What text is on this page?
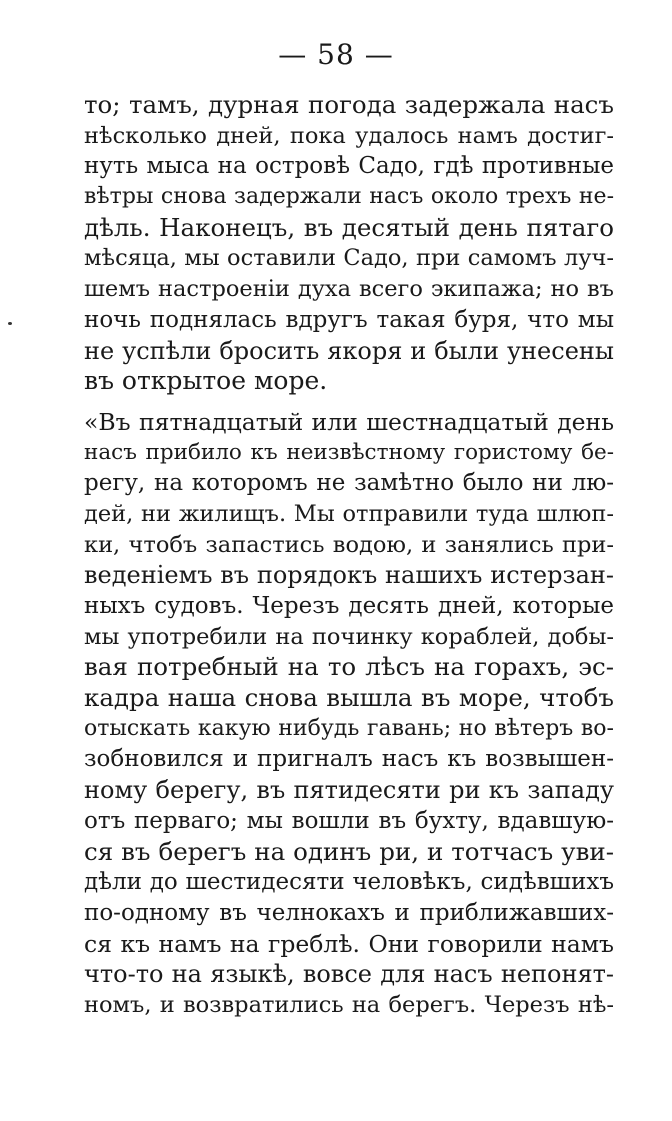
— 58 —
то; тамъ, дурная погода задержала насъ
нѣсколько дней, пока удалось намъ достиг-
нуть мыса на островѣ Садо, гдѣ противные
вѣтры снова задержали насъ около трехъ не-
дѣль. Наконецъ, въ десятый день пятаго
мѣсяца, мы оставили Садо, при самомъ луч-
шемъ настроеніи духа всего экипажа; но въ
ночь поднялась вдругъ такая буря, что мы
не успѣли бросить якоря и были унесены
въ открытое море.
«Въ пятнадцатый или шестнадцатый день
насъ прибило къ неизвѣстному гористому бе-
регу, на которомъ не замѣтно было ни лю-
дей, ни жилищъ. Мы отправили туда шлюп-
ки, чтобъ запастись водою, и занялись при-
веденіемъ въ порядокъ нашихъ истерзан-
ныхъ судовъ. Черезъ десять дней, которые
мы употребили на починку кораблей, добы-
вая потребный на то лѣсъ на горахъ, эс-
кадра наша снова вышла въ море, чтобъ
отыскать какую нибудь гавань; но вѣтеръ во-
зобновился и пригналъ насъ къ возвышен-
ному берегу, въ пятидесяти ри къ западу
отъ перваго; мы вошли въ бухту, вдавшую-
ся въ берегъ на одинъ ри, и тотчасъ уви-
дѣли до шестидесяти человѣкъ, сидѣвшихъ
по-одному въ челнокахъ и приближавших-
ся къ намъ на греблѣ. Они говорили намъ
что-то на языкѣ, вовсе для насъ непонят-
номъ, и возвратились на берегъ. Черезъ нѣ-
